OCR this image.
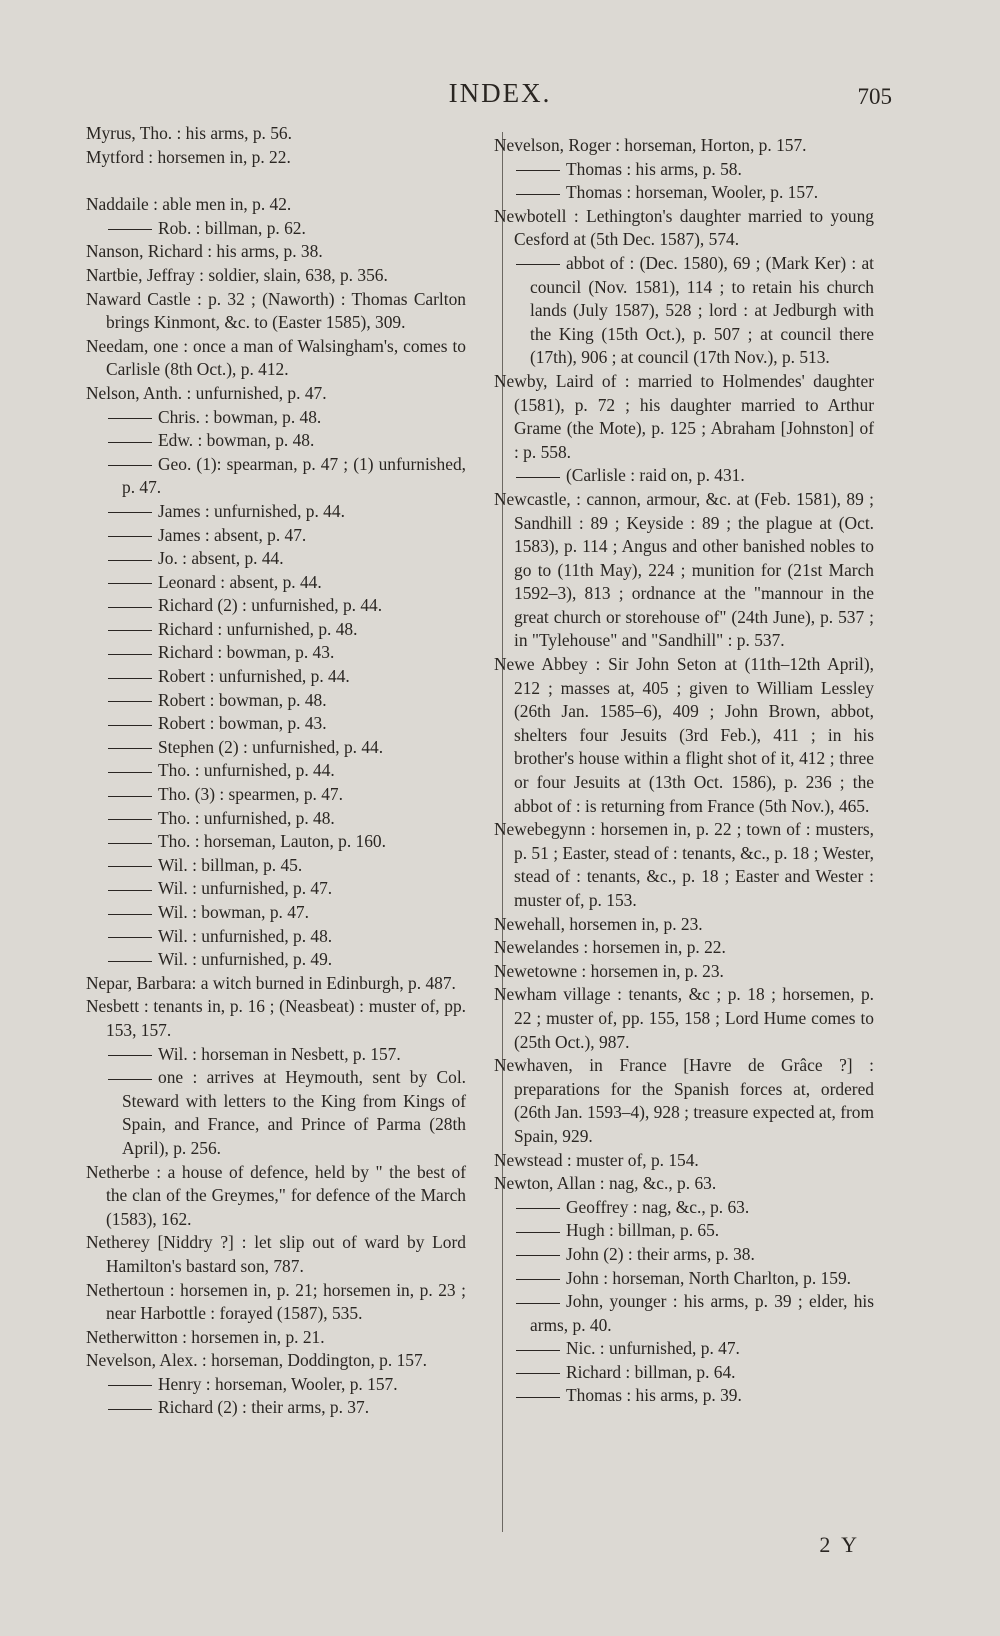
INDEX.	705
Myrus, Tho. : his arms, p. 56.
Mytford : horsemen in, p. 22.
Naddaile : able men in, p. 42.
Rob. : billman, p. 62.
Nanson, Richard : his arms, p. 38.
Nartbie, Jeffray : soldier, slain, 638, p. 356.
Naward Castle : p. 32 ; (Naworth) : Thomas Carlton brings Kinmont, &c. to (Easter 1585), 309.
Needam, one : once a man of Walsingham's, comes to Carlisle (8th Oct.), p. 412.
Nelson, Anth. : unfurnished, p. 47.
Chris. : bowman, p. 48.
Edw. : bowman, p. 48.
Geo. (1): spearman, p. 47 ; (1) unfurnished, p. 47.
James : unfurnished, p. 44.
James : absent, p. 47.
Jo. : absent, p. 44.
Leonard : absent, p. 44.
Richard (2) : unfurnished, p. 44.
Richard : unfurnished, p. 48.
Richard : bowman, p. 43.
Robert : unfurnished, p. 44.
Robert : bowman, p. 48.
Robert : bowman, p. 43.
Stephen (2) : unfurnished, p. 44.
Tho. : unfurnished, p. 44.
Tho. (3) : spearmen, p. 47.
Tho. : unfurnished, p. 48.
Tho. : horseman, Lauton, p. 160.
Wil. : billman, p. 45.
Wil. : unfurnished, p. 47.
Wil. : bowman, p. 47.
Wil. : unfurnished, p. 48.
Wil. : unfurnished, p. 49.
Nepar, Barbara: a witch burned in Edinburgh, p. 487.
Nesbett : tenants in, p. 16 ; (Neasbeat) : muster of, pp. 153, 157.
Wil. : horseman in Nesbett, p. 157.
one : arrives at Heymouth, sent by Col. Steward with letters to the King from Kings of Spain, and France, and Prince of Parma (28th April), p. 256.
Netherbe : a house of defence, held by " the best of the clan of the Greymes," for defence of the March (1583), 162.
Netherey [Niddry ?] : let slip out of ward by Lord Hamilton's bastard son, 787.
Nethertoun : horsemen in, p. 21; horsemen in, p. 23 ; near Harbottle : forayed (1587), 535.
Netherwitton : horsemen in, p. 21.
Nevelson, Alex. : horseman, Doddington, p. 157.
Henry : horseman, Wooler, p. 157.
Richard (2) : their arms, p. 37.
Nevelson, Roger : horseman, Horton, p. 157.
Thomas : his arms, p. 58.
Thomas : horseman, Wooler, p. 157.
Newbotell : Lethington's daughter married to young Cesford at (5th Dec. 1587), 574.
abbot of : (Dec. 1580), 69 ; (Mark Ker) : at council (Nov. 1581), 114 ; to retain his church lands (July 1587), 528 ; lord : at Jedburgh with the King (15th Oct.), p. 507 ; at council there (17th), 906 ; at council (17th Nov.), p. 513.
Newby, Laird of : married to Holmendes' daughter (1581), p. 72 ; his daughter married to Arthur Grame (the Mote), p. 125 ; Abraham [Johnston] of : p. 558.
(Carlisle : raid on, p. 431.
Newcastle, : cannon, armour, &c. at (Feb. 1581), 89 ; Sandhill : 89 ; Keyside : 89 ; the plague at (Oct. 1583), p. 114 ; Angus and other banished nobles to go to (11th May), 224 ; munition for (21st March 1592–3), 813 ; ordnance at the "mannour in the great church or storehouse of" (24th June), p. 537 ; in "Tylehouse" and "Sandhill" : p. 537.
Newe Abbey : Sir John Seton at (11th–12th April), 212 ; masses at, 405 ; given to William Lessley (26th Jan. 1585–6), 409 ; John Brown, abbot, shelters four Jesuits (3rd Feb.), 411 ; in his brother's house within a flight shot of it, 412 ; three or four Jesuits at (13th Oct. 1586), p. 236 ; the abbot of : is returning from France (5th Nov.), 465.
Newebegynn : horsemen in, p. 22 ; town of : musters, p. 51 ; Easter, stead of : tenants, &c., p. 18 ; Wester, stead of : tenants, &c., p. 18 ; Easter and Wester : muster of, p. 153.
Newehall, horsemen in, p. 23.
Newelandes : horsemen in, p. 22.
Newetowne : horsemen in, p. 23.
Newham village : tenants, &c ; p. 18 ; horsemen, p. 22 ; muster of, pp. 155, 158 ; Lord Hume comes to (25th Oct.), 987.
Newhaven, in France [Havre de Grâce ?] : preparations for the Spanish forces at, ordered (26th Jan. 1593–4), 928 ; treasure expected at, from Spain, 929.
Newstead : muster of, p. 154.
Newton, Allan : nag, &c., p. 63.
Geoffrey : nag, &c., p. 63.
Hugh : billman, p. 65.
John (2) : their arms, p. 38.
John : horseman, North Charlton, p. 159.
John, younger : his arms, p. 39 ; elder, his arms, p. 40.
Nic. : unfurnished, p. 47.
Richard : billman, p. 64.
Thomas : his arms, p. 39.
2 Y
